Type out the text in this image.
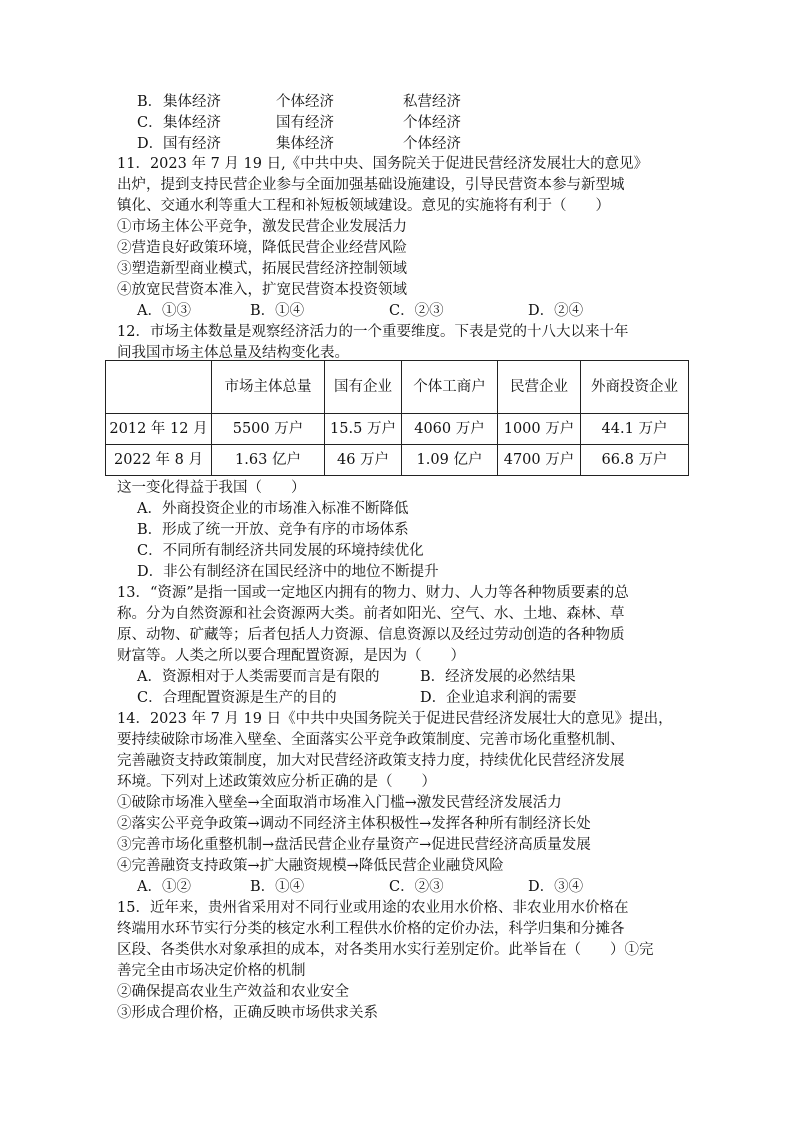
B． 集体经济	个体经济	私营经济
C． 集体经济	国有经济	个体经济
D． 国有经济	集体经济	个体经济
11．2023 年 7 月 19 日,《中共中央、国务院关于促进民营经济发展壮大的意见》
出炉，提到支持民营企业参与全面加强基础设施建设，引导民营资本参与新型城
镇化、交通水利等重大工程和补短板领域建设。意见的实施将有利于（　　）
①市场主体公平竞争，激发民营企业发展活力
②营造良好政策环境，降低民营企业经营风险
③塑造新型商业模式，拓展民营经济控制领域
④放宽民营资本准入，扩宽民营资本投资领域
A．①③	B．①④	C．②③	D．②④
12．市场主体数量是观察经济活力的一个重要维度。下表是党的十八大以来十年
间我国市场主体总量及结构变化表。
	市场主体总量	国有企业	个体工商户	民营企业	外商投资企业
2012 年 12 月	5500 万户	15.5 万户	4060 万户	1000 万户	44.1 万户
2022 年 8 月	1.63 亿户	46 万户	1.09 亿户	4700 万户	66.8 万户
这一变化得益于我国（　　）
A．外商投资企业的市场准入标准不断降低
B．形成了统一开放、竞争有序的市场体系
C．不同所有制经济共同发展的环境持续优化
D．非公有制经济在国民经济中的地位不断提升
13．“资源”是指一国或一定地区内拥有的物力、财力、人力等各种物质要素的总
称。分为自然资源和社会资源两大类。前者如阳光、空气、水、土地、森林、草
原、动物、矿藏等；后者包括人力资源、信息资源以及经过劳动创造的各种物质
财富等。人类之所以要合理配置资源，是因为（　　）
A．资源相对于人类需要而言是有限的	B．经济发展的必然结果
C．合理配置资源是生产的目的	D．企业追求利润的需要
14．2023 年 7 月 19 日《中共中央国务院关于促进民营经济发展壮大的意见》提出，
要持续破除市场准入壁垒、全面落实公平竞争政策制度、完善市场化重整机制、
完善融资支持政策制度，加大对民营经济政策支持力度，持续优化民营经济发展
环境。下列对上述政策效应分析正确的是（　　）
①破除市场准入壁垒→全面取消市场准入门槛→激发民营经济发展活力
②落实公平竞争政策→调动不同经济主体积极性→发挥各种所有制经济长处
③完善市场化重整机制→盘活民营企业存量资产→促进民营经济高质量发展
④完善融资支持政策→扩大融资规模→降低民营企业融贷风险
A．①②	B．①④	C．②③	D．③④
15．近年来，贵州省采用对不同行业或用途的农业用水价格、非农业用水价格在
终端用水环节实行分类的核定水利工程供水价格的定价办法，科学归集和分摊各
区段、各类供水对象承担的成本，对各类用水实行差别定价。此举旨在（　　）①完
善完全由市场决定价格的机制
②确保提高农业生产效益和农业安全
③形成合理价格，正确反映市场供求关系
